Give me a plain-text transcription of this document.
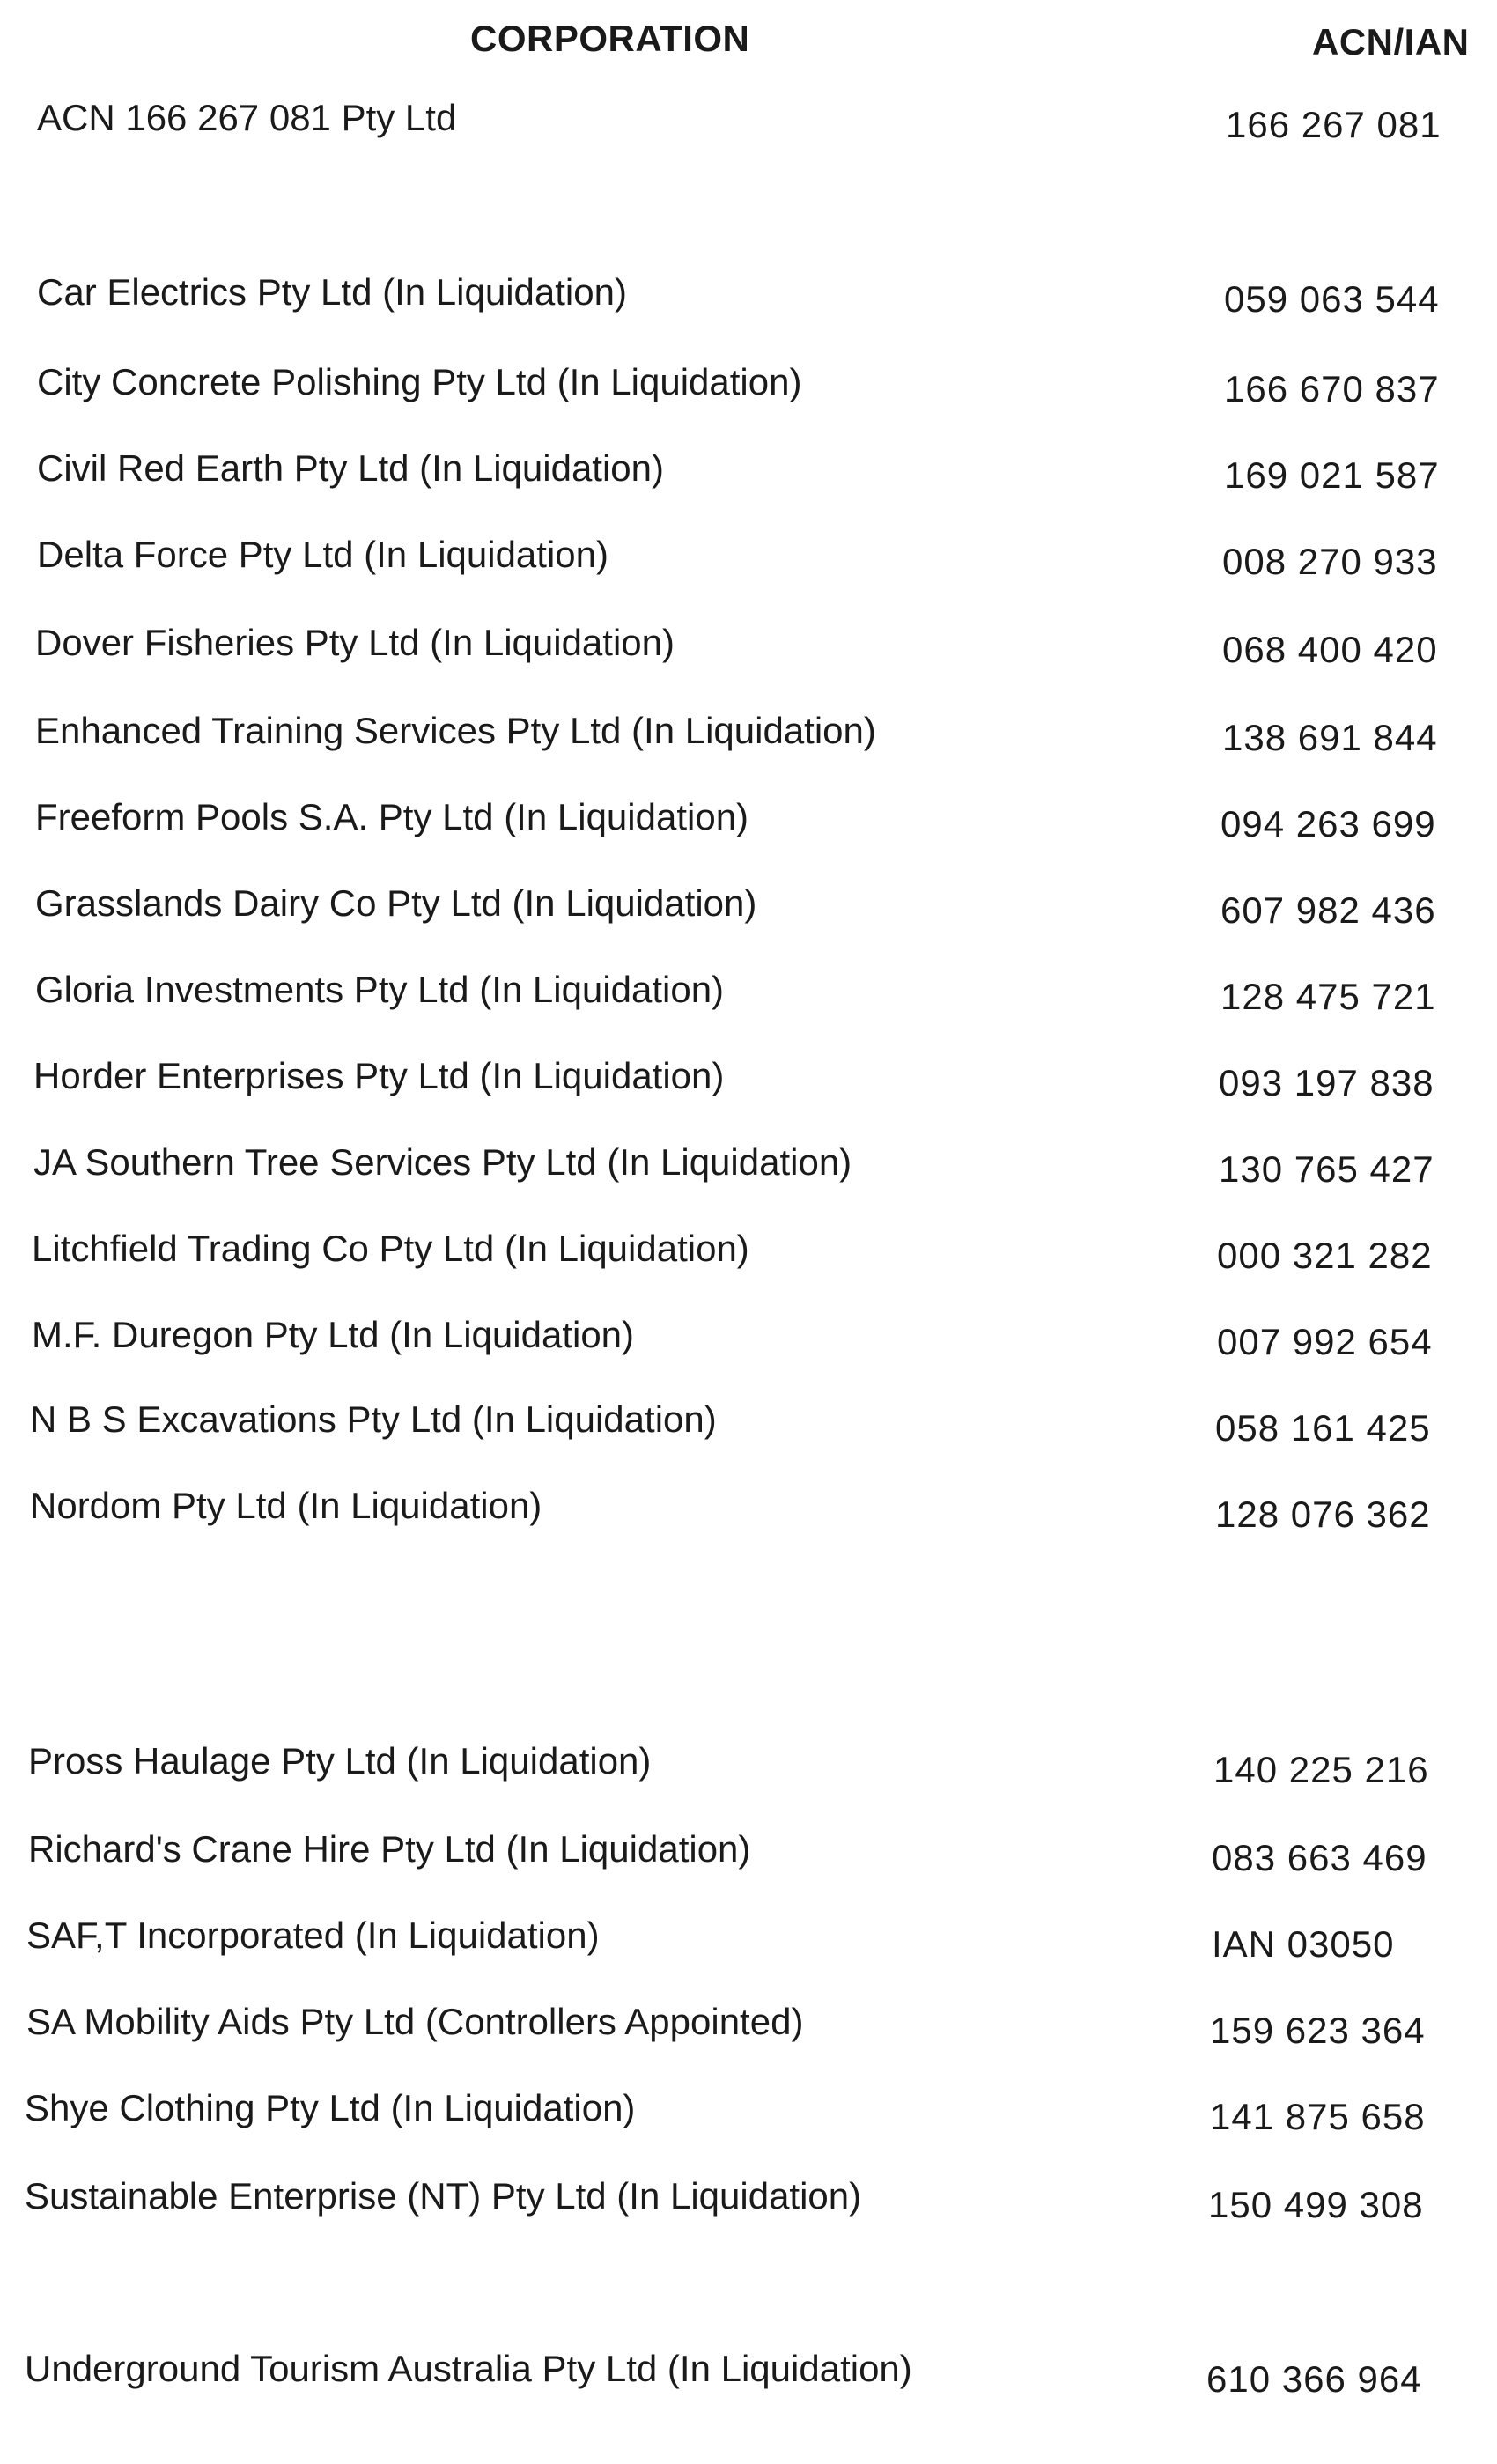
CORPORATION	ACN/IAN
ACN 166 267 081 Pty Ltd	166 267 081
Car Electrics Pty Ltd (In Liquidation)	059 063 544
City Concrete Polishing Pty Ltd (In Liquidation)	166 670 837
Civil Red Earth Pty Ltd (In Liquidation)	169 021 587
Delta Force Pty Ltd (In Liquidation)	008 270 933
Dover Fisheries Pty Ltd (In Liquidation)	068 400 420
Enhanced Training Services Pty Ltd (In Liquidation)	138 691 844
Freeform Pools S.A. Pty Ltd (In Liquidation)	094 263 699
Grasslands Dairy Co Pty Ltd (In Liquidation)	607 982 436
Gloria Investments Pty Ltd (In Liquidation)	128 475 721
Horder Enterprises Pty Ltd (In Liquidation)	093 197 838
JA Southern Tree Services Pty Ltd (In Liquidation)	130 765 427
Litchfield Trading Co Pty Ltd (In Liquidation)	000 321 282
M.F. Duregon Pty Ltd (In Liquidation)	007 992 654
N B S Excavations Pty Ltd (In Liquidation)	058 161 425
Nordom Pty Ltd (In Liquidation)	128 076 362
Pross Haulage Pty Ltd (In Liquidation)	140 225 216
Richard's Crane Hire Pty Ltd (In Liquidation)	083 663 469
SAF,T Incorporated (In Liquidation)	IAN 03050
SA Mobility Aids Pty Ltd (Controllers Appointed)	159 623 364
Shye Clothing Pty Ltd (In Liquidation)	141 875 658
Sustainable Enterprise (NT) Pty Ltd (In Liquidation)	150 499 308
Underground Tourism Australia Pty Ltd (In Liquidation)	610 366 964
